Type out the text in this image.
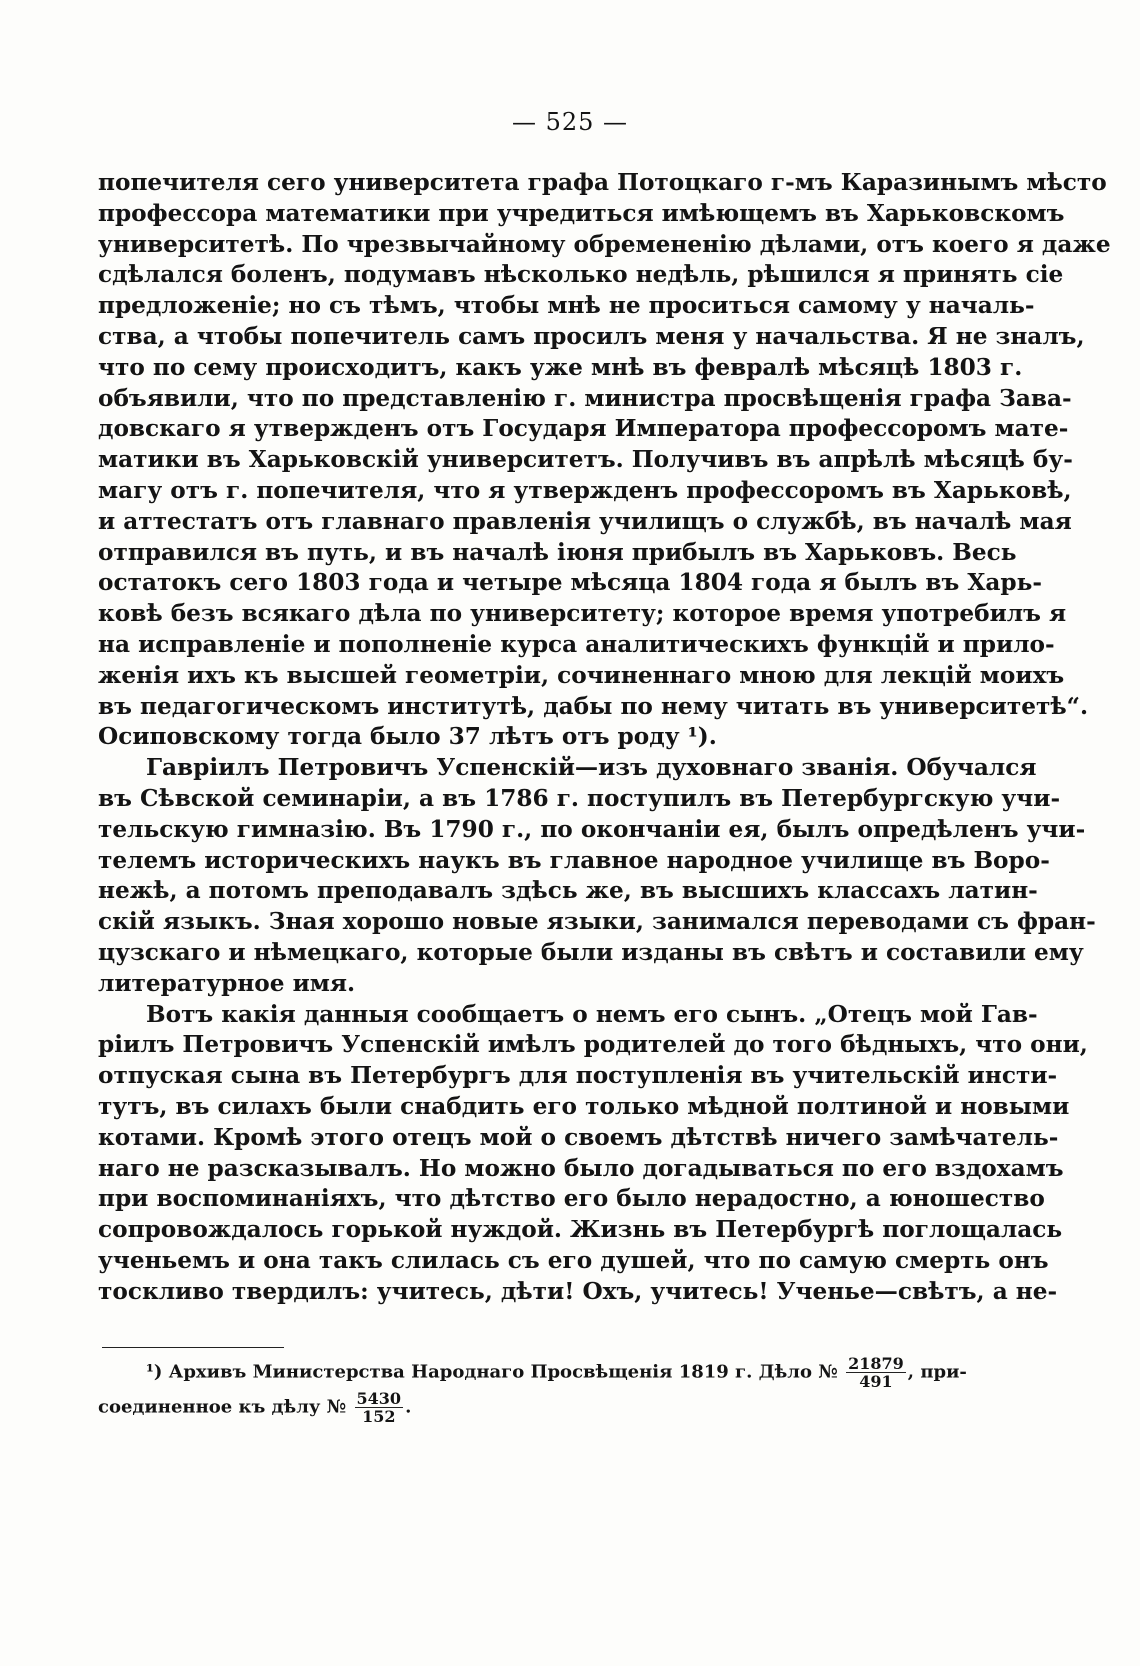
— 525 —
попечителя сего университета графа Потоцкаго г-мъ Каразинымъ мѣсто
профессора математики при учредиться имѣющемъ въ Харьковскомъ
университетѣ. По чрезвычайному обремененію дѣлами, отъ коего я даже
сдѣлался боленъ, подумавъ нѣсколько недѣль, рѣшился я принять сіе
предложеніе; но съ тѣмъ, чтобы мнѣ не проситься самому у началь-
ства, а чтобы попечитель самъ просилъ меня у начальства. Я не зналъ,
что по сему происходитъ, какъ уже мнѣ въ февралѣ мѣсяцѣ 1803 г.
объявили, что по представленію г. министра просвѣщенія графа Зава-
довскаго я утвержденъ отъ Государя Императора профессоромъ мате-
матики въ Харьковскій университетъ. Получивъ въ апрѣлѣ мѣсяцѣ бу-
магу отъ г. попечителя, что я утвержденъ профессоромъ въ Харьковѣ,
и аттестатъ отъ главнаго правленія училищъ о службѣ, въ началѣ мая
отправился въ путь, и въ началѣ іюня прибылъ въ Харьковъ. Весь
остатокъ сего 1803 года и четыре мѣсяца 1804 года я былъ въ Харь-
ковѣ безъ всякаго дѣла по университету; которое время употребилъ я
на исправленіе и пополненіе курса аналитическихъ функцій и прило-
женія ихъ къ высшей геометріи, сочиненнаго мною для лекцій моихъ
въ педагогическомъ институтѣ, дабы по нему читать въ университетѣ“.
Осиповскому тогда было 37 лѣтъ отъ роду ¹).
Гавріилъ Петровичъ Успенскій—изъ духовнаго званія. Обучался
въ Сѣвской семинаріи, а въ 1786 г. поступилъ въ Петербургскую учи-
тельскую гимназію. Въ 1790 г., по окончаніи ея, былъ опредѣленъ учи-
телемъ историческихъ наукъ въ главное народное училище въ Воро-
нежѣ, а потомъ преподавалъ здѣсь же, въ высшихъ классахъ латин-
скій языкъ. Зная хорошо новые языки, занимался переводами съ фран-
цузскаго и нѣмецкаго, которые были изданы въ свѣтъ и составили ему
литературное имя.
Вотъ какія данныя сообщаетъ о немъ его сынъ. „Отецъ мой Гав-
ріилъ Петровичъ Успенскій имѣлъ родителей до того бѣдныхъ, что они,
отпуская сына въ Петербургъ для поступленія въ учительскій инсти-
тутъ, въ силахъ были снабдить его только мѣдной полтиной и новыми
котами. Кромѣ этого отецъ мой о своемъ дѣтствѣ ничего замѣчатель-
наго не разсказывалъ. Но можно было догадываться по его вздохамъ
при воспоминаніяхъ, что дѣтство его было нерадостно, а юношество
сопровождалось горькой нуждой. Жизнь въ Петербургѣ поглощалась
ученьемъ и она такъ слилась съ его душей, что по самую смерть онъ
тоскливо твердилъ: учитесь, дѣти! Охъ, учитесь! Ученье—свѣтъ, а не-
¹) Архивъ Министерства Народнаго Просвѣщенія 1819 г. Дѣло № $\frac{21879}{491}$ , при-
соединенное къ дѣлу № $\frac{5430}{152}$ .
